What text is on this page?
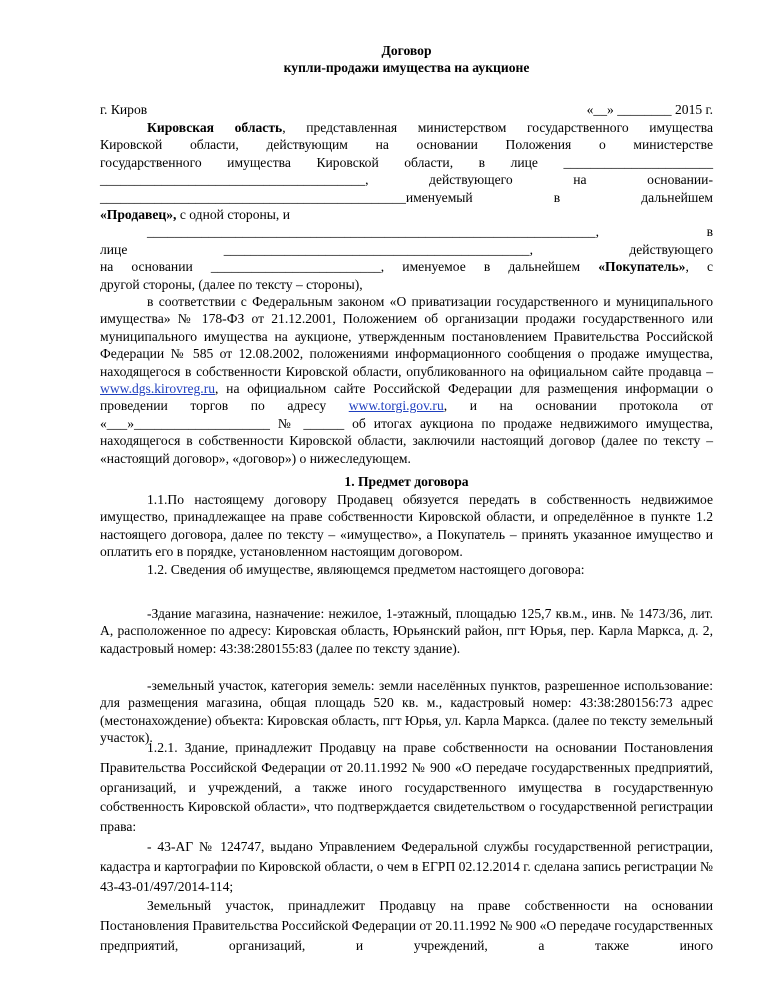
Договор
купли-продажи имущества на аукционе
г. Киров	«__» ________ 2015 г.
Кировская область, представленная министерством государственного имущества
Кировской области, действующим на основании Положения о министерстве
государственного имущества Кировской области, в лице ______________________
_______________________________________, действующего на основании-
_____________________________________________именуемый в дальнейшем
«Продавец», с одной стороны, и
__________________________________________________________________, в
лице _____________________________________________, действующего
на основании _________________________, именуемое в дальнейшем «Покупатель», с
другой стороны, (далее по тексту – стороны),
в соответствии с Федеральным законом «О приватизации государственного и муниципального имущества» № 178-ФЗ от 21.12.2001, Положением об организации продажи государственного или муниципального имущества на аукционе, утвержденным постановлением Правительства Российской Федерации № 585 от 12.08.2002, положениями информационного сообщения о продаже имущества, находящегося в собственности Кировской области, опубликованного на официальном сайте продавца – www.dgs.kirovreg.ru, на официальном сайте Российской Федерации для размещения информации о проведении торгов по адресу www.torgi.gov.ru, и на основании протокола от «___»____________________ № ______ об итогах аукциона по продаже недвижимого имущества, находящегося в собственности Кировской области, заключили настоящий договор (далее по тексту – «настоящий договор», «договор») о нижеследующем.
1. Предмет договора
1.1.По настоящему договору Продавец обязуется передать в собственность недвижимое имущество, принадлежащее на праве собственности Кировской области, и определённое в пункте 1.2 настоящего договора, далее по тексту – «имущество», а Покупатель – принять указанное имущество и оплатить его в порядке, установленном настоящим договором.
1.2. Сведения об имуществе, являющемся предметом настоящего договора:
-Здание магазина, назначение: нежилое, 1-этажный, площадью 125,7 кв.м., инв. № 1473/36, лит. А, расположенное по адресу: Кировская область, Юрьянский район, пгт Юрья, пер. Карла Маркса, д. 2, кадастровый номер: 43:38:280155:83 (далее по тексту здание).
-земельный участок, категория земель: земли населённых пунктов, разрешенное использование: для размещения магазина, общая площадь 520 кв. м., кадастровый номер: 43:38:280156:73 адрес (местонахождение) объекта: Кировская область, пгт Юрья, ул. Карла Маркса. (далее по тексту земельный участок).
1.2.1. Здание, принадлежит Продавцу на праве собственности на основании Постановления Правительства Российской Федерации от 20.11.1992 № 900 «О передаче государственных предприятий, организаций, и учреждений, а также иного государственного имущества в государственную собственность Кировской области», что подтверждается свидетельством о государственной регистрации права:
- 43-АГ № 124747, выдано Управлением Федеральной службы государственной регистрации, кадастра и картографии по Кировской области, о чем в ЕГРП 02.12.2014 г. сделана запись регистрации № 43-43-01/497/2014-114;
Земельный участок, принадлежит Продавцу на праве собственности на основании Постановления Правительства Российской Федерации от 20.11.1992 № 900 «О передаче государственных предприятий, организаций, и учреждений, а также иного
